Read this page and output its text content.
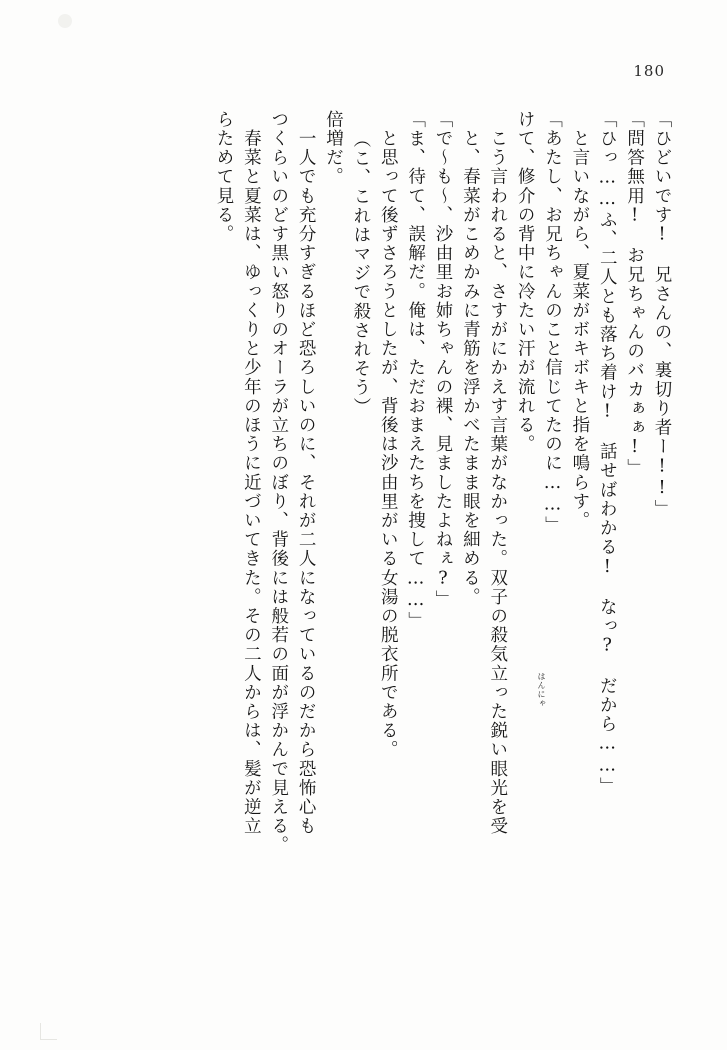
180
らためて見る。 　春菜と夏菜は、ゆっくりと少年のほうに近づいてきた。その二人からは、髪が逆立 つくらいのどす黒い怒りのオーラが立ちのぼり、背後には般若の面が浮かんで見える。 　一人でも充分すぎるほど恐ろしいのに、それが二人になっているのだから恐怖心も 倍増だ。 （こ、これはマジで殺されそう） 　と思って後ずさろうとしたが、背後は沙由里がいる女湯の脱衣所である。 「ま、待て、誤解だ。俺は、ただおまえたちを捜して……」 「で～も～、沙由里お姉ちゃんの裸、見ましたよねぇ?」 　と、春菜がこめかみに青筋を浮かべたまま眼を細める。 　こう言われると、さすがにかえす言葉がなかった。双子の殺気立った鋭い眼光を受 けて、修介の背中に冷たい汗が流れる。 「あたし、お兄ちゃんのこと信じてたのに……」 　と言いながら、夏菜がボキボキと指を鳴らす。 「ひっ……ふ、二人とも落ち着け!　話せばわかる!　なっ?　だから……」 「問答無用!　お兄ちゃんのバカぁぁ!」 「ひどいです!　兄さんの、裏切り者ー!!」
はんにゃ
